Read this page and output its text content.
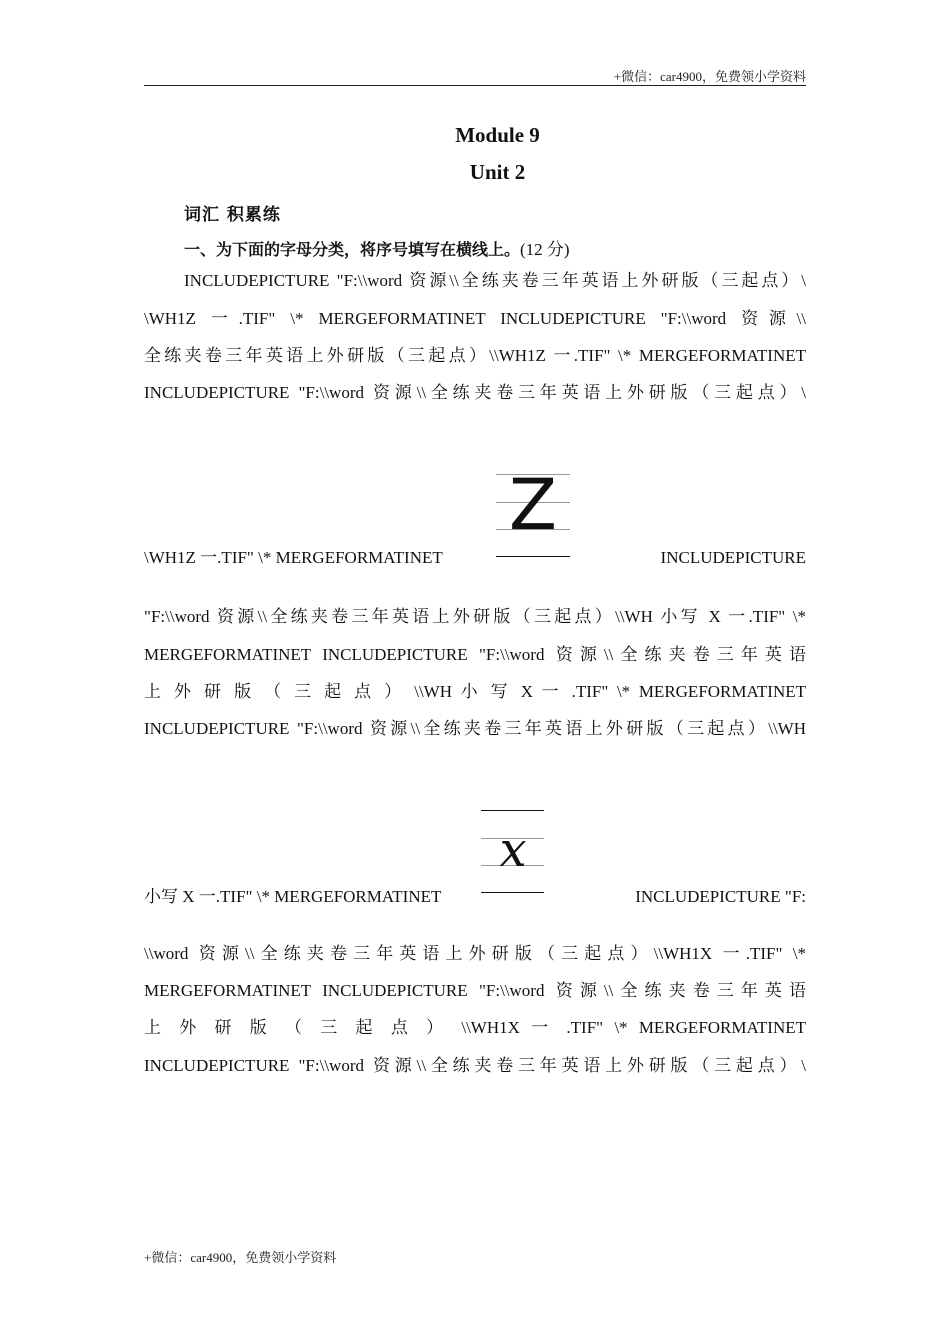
+微信：car4900，免费领小学资料
Module 9
Unit 2
词汇 积累练
一、为下面的字母分类，将序号填写在横线上。(12 分)
INCLUDEPICTURE "F:\\word 资源\\全练夹卷三年英语上外研版（三起点）\
\WH1Z 一.TIF" \* MERGEFORMATINET INCLUDEPICTURE "F:\\word 资源\\
全练夹卷三年英语上外研版（三起点）\\WH1Z 一.TIF" \* MERGEFORMATINET
INCLUDEPICTURE "F:\\word 资源\\全练夹卷三年英语上外研版（三起点）\
Z
\WH1Z 一.TIF" \* MERGEFORMATINET	INCLUDEPICTURE
"F:\\word 资源\\全练夹卷三年英语上外研版（三起点）\\WH 小写 X 一.TIF" \*
MERGEFORMATINET INCLUDEPICTURE "F:\\word 资源\\全练夹卷三年英语
上 外 研 版 （ 三 起 点 ） \\WH 小 写 X 一 .TIF" \* MERGEFORMATINET
INCLUDEPICTURE "F:\\word 资源\\全练夹卷三年英语上外研版（三起点）\\WH
x
小写 X 一.TIF" \* MERGEFORMATINET	INCLUDEPICTURE "F:
\\word 资源\\全练夹卷三年英语上外研版（三起点）\\WH1X 一.TIF" \*
MERGEFORMATINET INCLUDEPICTURE "F:\\word 资源\\全练夹卷三年英语
上 外 研 版 （ 三 起 点 ） \\WH1X 一 .TIF" \* MERGEFORMATINET
INCLUDEPICTURE "F:\\word 资源\\全练夹卷三年英语上外研版（三起点）\
+微信：car4900，免费领小学资料
